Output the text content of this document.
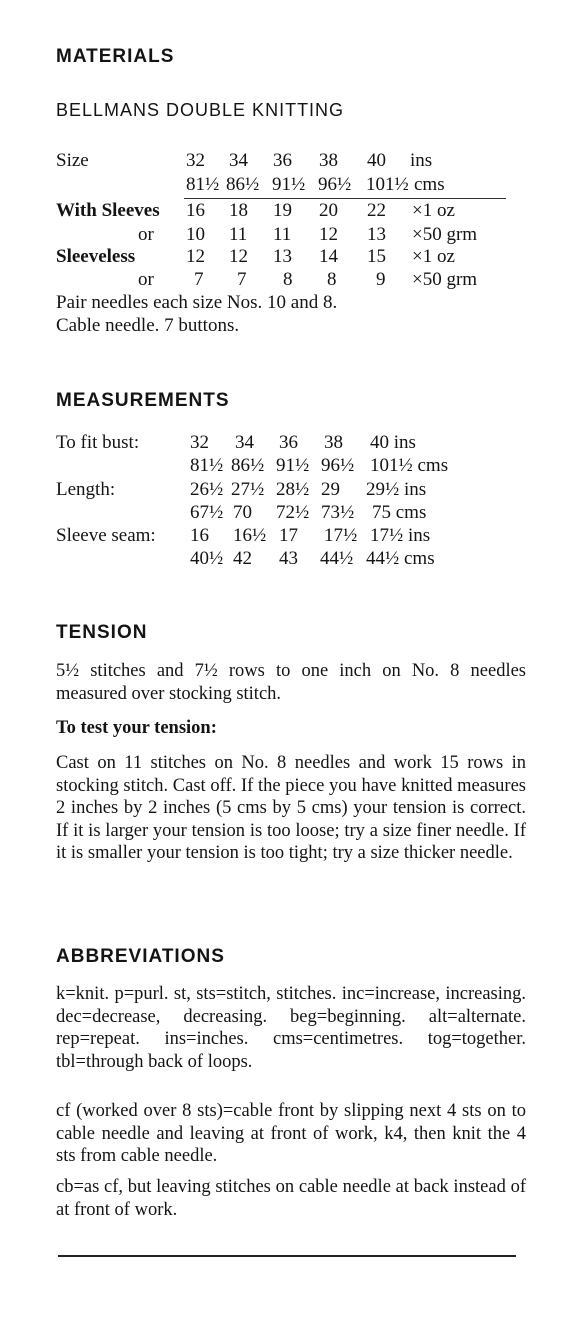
MATERIALS
BELLMANS DOUBLE KNITTING
Size	32 34 36 38 40 ins
81½ 86½ 91½ 96½ 101½ cms
With Sleeves 16 18 19 20 22 ×1 oz
or 10 11 11 12 13 ×50 grm
Sleeveless	12 12 13 14 15 ×1 oz
or 7 7 8 8 9 ×50 grm
Pair needles each size Nos. 10 and 8.
Cable needle. 7 buttons.
MEASUREMENTS
To fit bust:	32 34 36 38 40 ins
81½ 86½ 91½ 96½ 101½ cms
Length:	26½ 27½ 28½ 29 29½ ins
67½ 70 72½ 73½ 75 cms
Sleeve seam: 16 16½ 17 17½ 17½ ins
40½ 42 43 44½ 44½ cms
TENSION

5½ stitches and 7½ rows to one inch on No. 8 needles measured over stocking stitch.

To test your tension:

Cast on 11 stitches on No. 8 needles and work 15 rows in stocking stitch. Cast off. If the piece you have knitted measures 2 inches by 2 inches (5 cms by 5 cms) your tension is correct. If it is larger your tension is too loose; try a size finer needle. If it is smaller your tension is too tight; try a size thicker needle.

ABBREVIATIONS

k=knit. p=purl. st, sts=stitch, stitches. inc=increase, increasing. dec=decrease, decreasing. beg=beginning. alt=alternate. rep=repeat. ins=inches. cms=centimetres. tog=together. tbl=through back of loops.

cf (worked over 8 sts)=cable front by slipping next 4 sts on to cable needle and leaving at front of work, k4, then knit the 4 sts from cable needle.

cb=as cf, but leaving stitches on cable needle at back instead of at front of work.
